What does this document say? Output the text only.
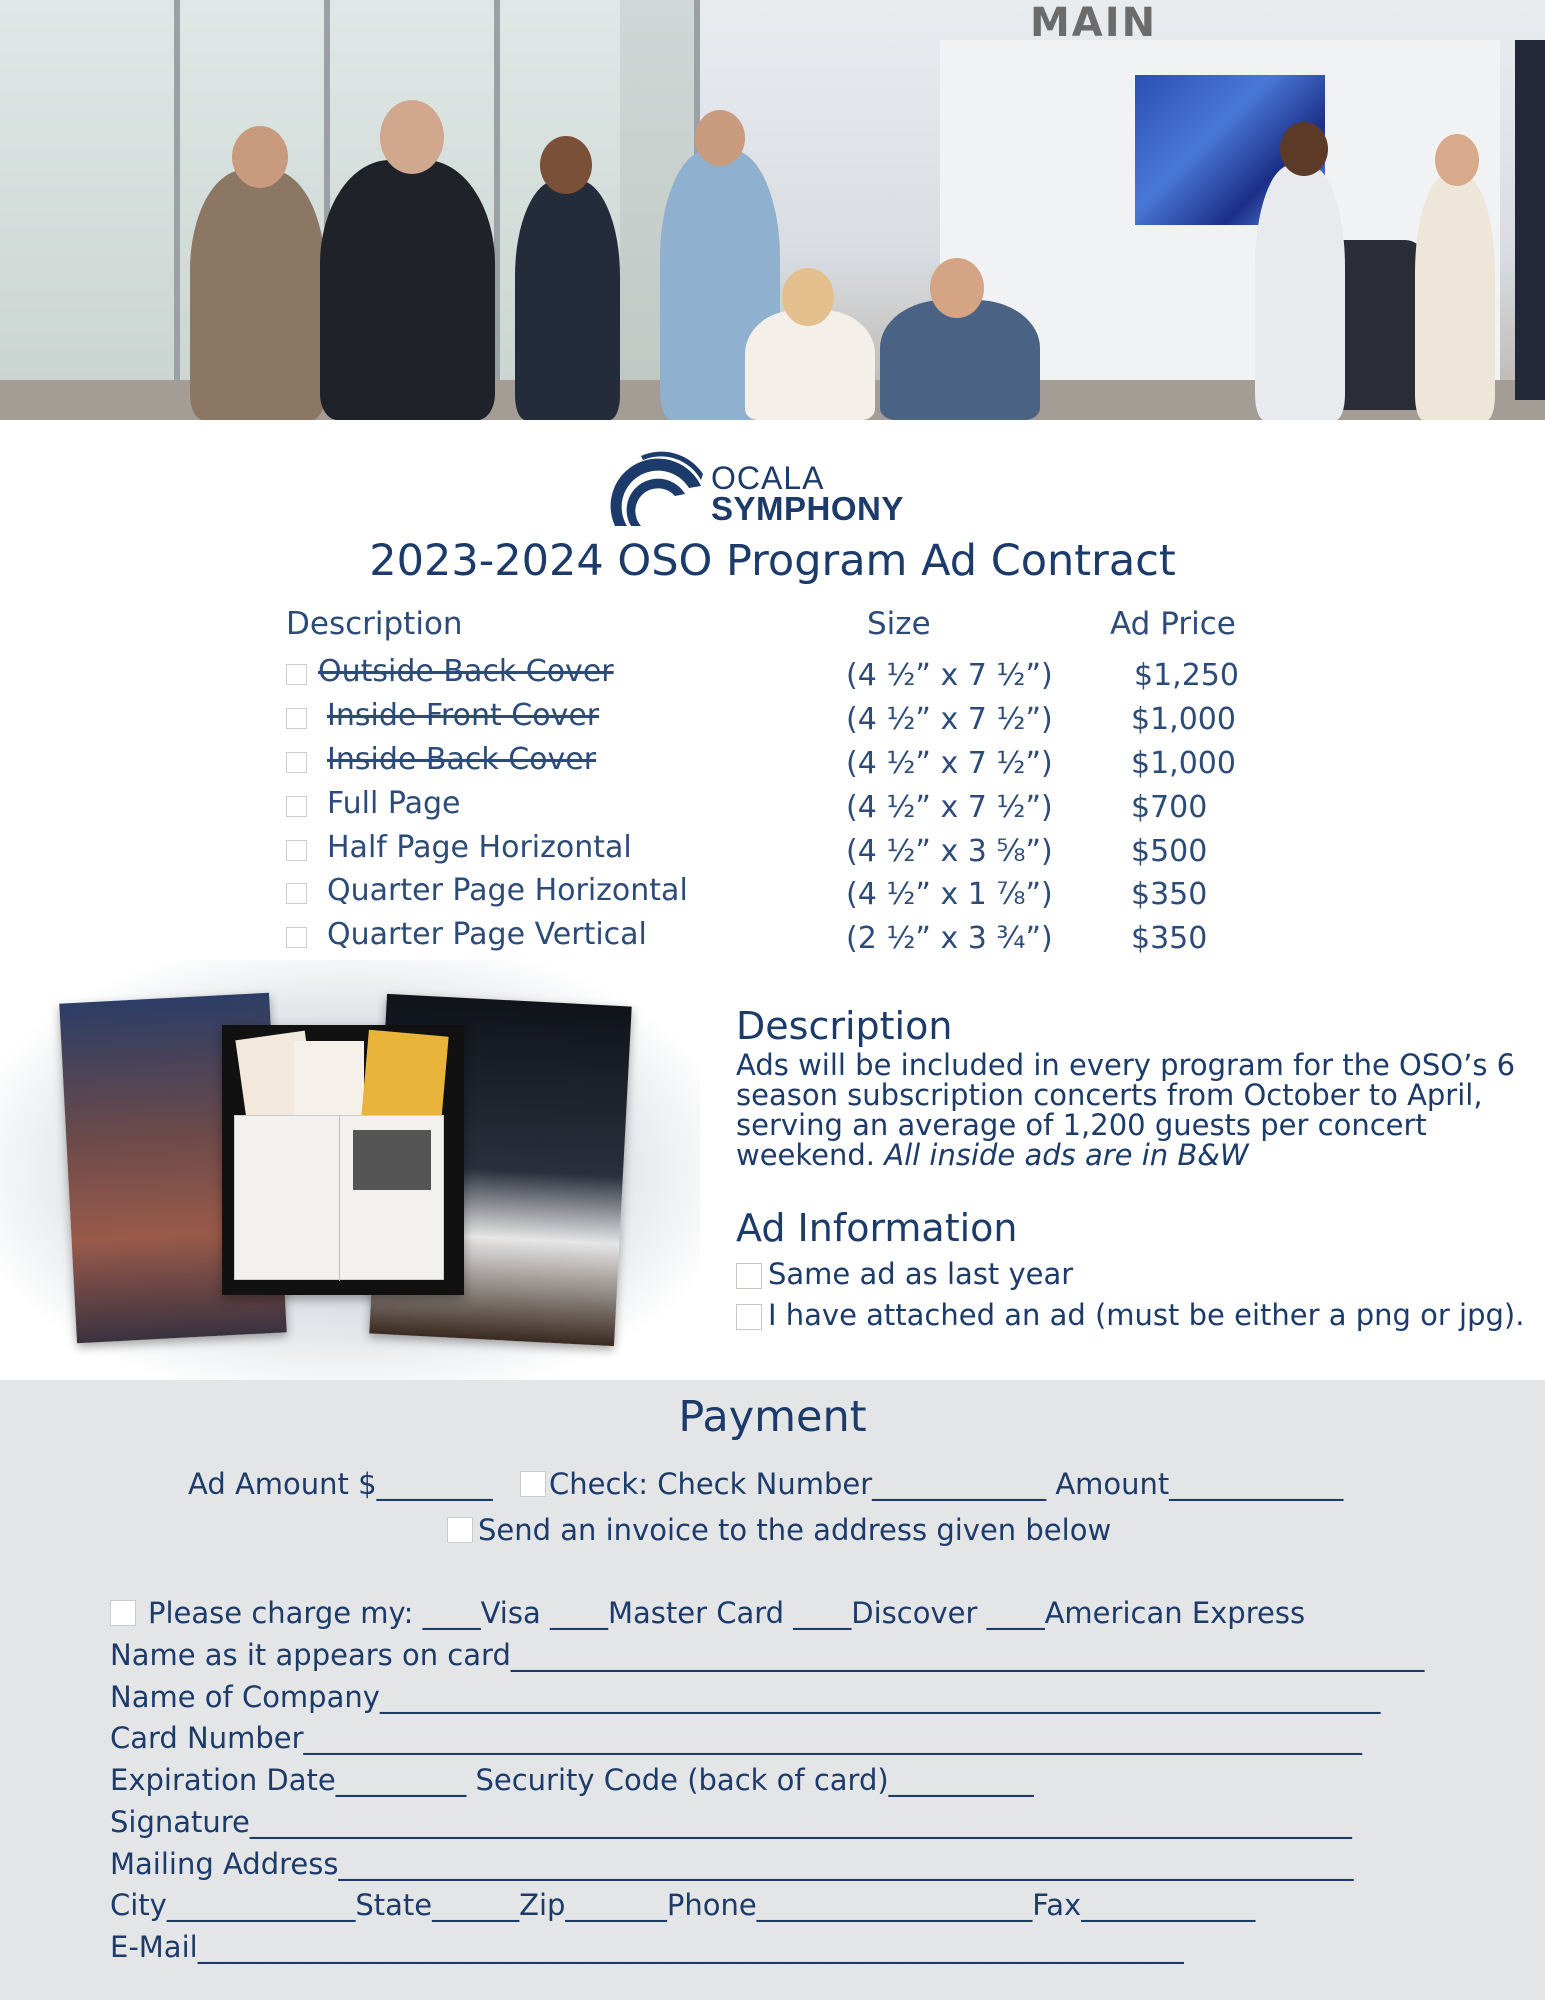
MAIN
OCALA
SYMPHONY
2023-2024 OSO Program Ad Contract
Description	Size	Ad Price
Outside Back Cover	(4 ½” x 7 ½”)	$1,250
Inside Front Cover	(4 ½” x 7 ½”)	$1,000
Inside Back Cover	(4 ½” x 7 ½”)	$1,000
Full Page	(4 ½” x 7 ½”)	$700
Half Page Horizontal	(4 ½” x 3 ⅝”)	$500
Quarter Page Horizontal	(4 ½” x 1 ⅞”)	$350
Quarter Page Vertical	(2 ½” x 3 ¾”)	$350
Description
Ads will be included in every program for the OSO’s 6 season subscription concerts from October to April, serving an average of 1,200 guests per concert weekend. All inside ads are in B&W
Ad Information
Same ad as last year
I have attached an ad (must be either a png or jpg).
Payment
Ad Amount $________ Check: Check Number____________ Amount____________
Send an invoice to the address given below
Please charge my: ____Visa ____Master Card ____Discover ____American Express
Name as it appears on card_______________________________________________________________
Name of Company_____________________________________________________________________
Card Number_________________________________________________________________________
Expiration Date_________ Security Code (back of card)__________
Signature____________________________________________________________________________
Mailing Address______________________________________________________________________
City_____________State______Zip_______Phone___________________Fax____________
E-Mail____________________________________________________________________
